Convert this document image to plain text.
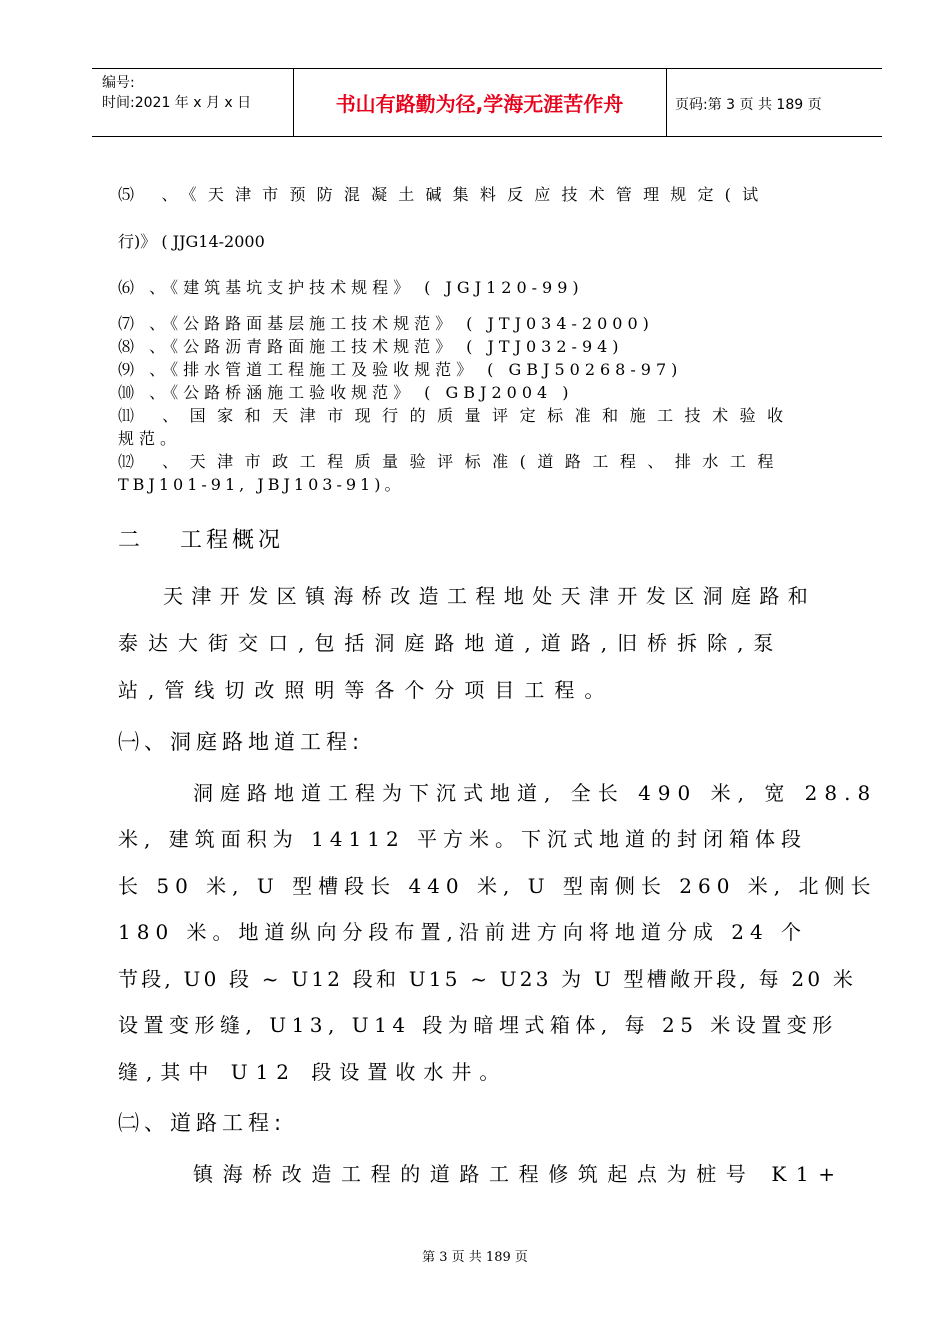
编号:
时间:2021 年 x 月 x 日	书山有路勤为径,学海无涯苦作舟	页码:第 3 页 共 189 页
⑸ 、《天津市预防混凝土碱集料反应技术管理规定(试
行)》 ( JJG14-2000
⑹ 、《建筑基坑支护技术规程》 ( JGJ120-99)
⑺ 、《公路路面基层施工技术规范》 ( JTJ034-2000)
⑻ 、《公路沥青路面施工技术规范》 ( JTJ032-94)
⑼ 、《排水管道工程施工及验收规范》 ( GBJ50268-97)
⑽ 、《公路桥涵施工验收规范》 ( GBJ2004 )
⑾ 、国家和天津市现行的质量评定标准和施工技术验收
规范。
⑿ 、天津市政工程质量验评标准(道路工程、排水工程
TBJ101-91, JBJ103-91)。
二 工程概况
天津开发区镇海桥改造工程地处天津开发区洞庭路和
泰达大街交口,包括洞庭路地道,道路,旧桥拆除,泵
站,管线切改照明等各个分项目工程。
㈠、洞庭路地道工程:
洞庭路地道工程为下沉式地道, 全长 490 米, 宽 28.8
米, 建筑面积为 14112 平方米。下沉式地道的封闭箱体段
长 50 米, U 型槽段长 440 米, U 型南侧长 260 米, 北侧长
180 米。地道纵向分段布置,沿前进方向将地道分成 24 个
节段, U0 段 ~ U12 段和 U15 ~ U23 为 U 型槽敞开段, 每 20 米
设置变形缝, U13, U14 段为暗埋式箱体, 每 25 米设置变形
缝,其中 U12 段设置收水井。
㈡、道路工程:
镇海桥改造工程的道路工程修筑起点为桩号 K1+
第 3 页 共 189 页
